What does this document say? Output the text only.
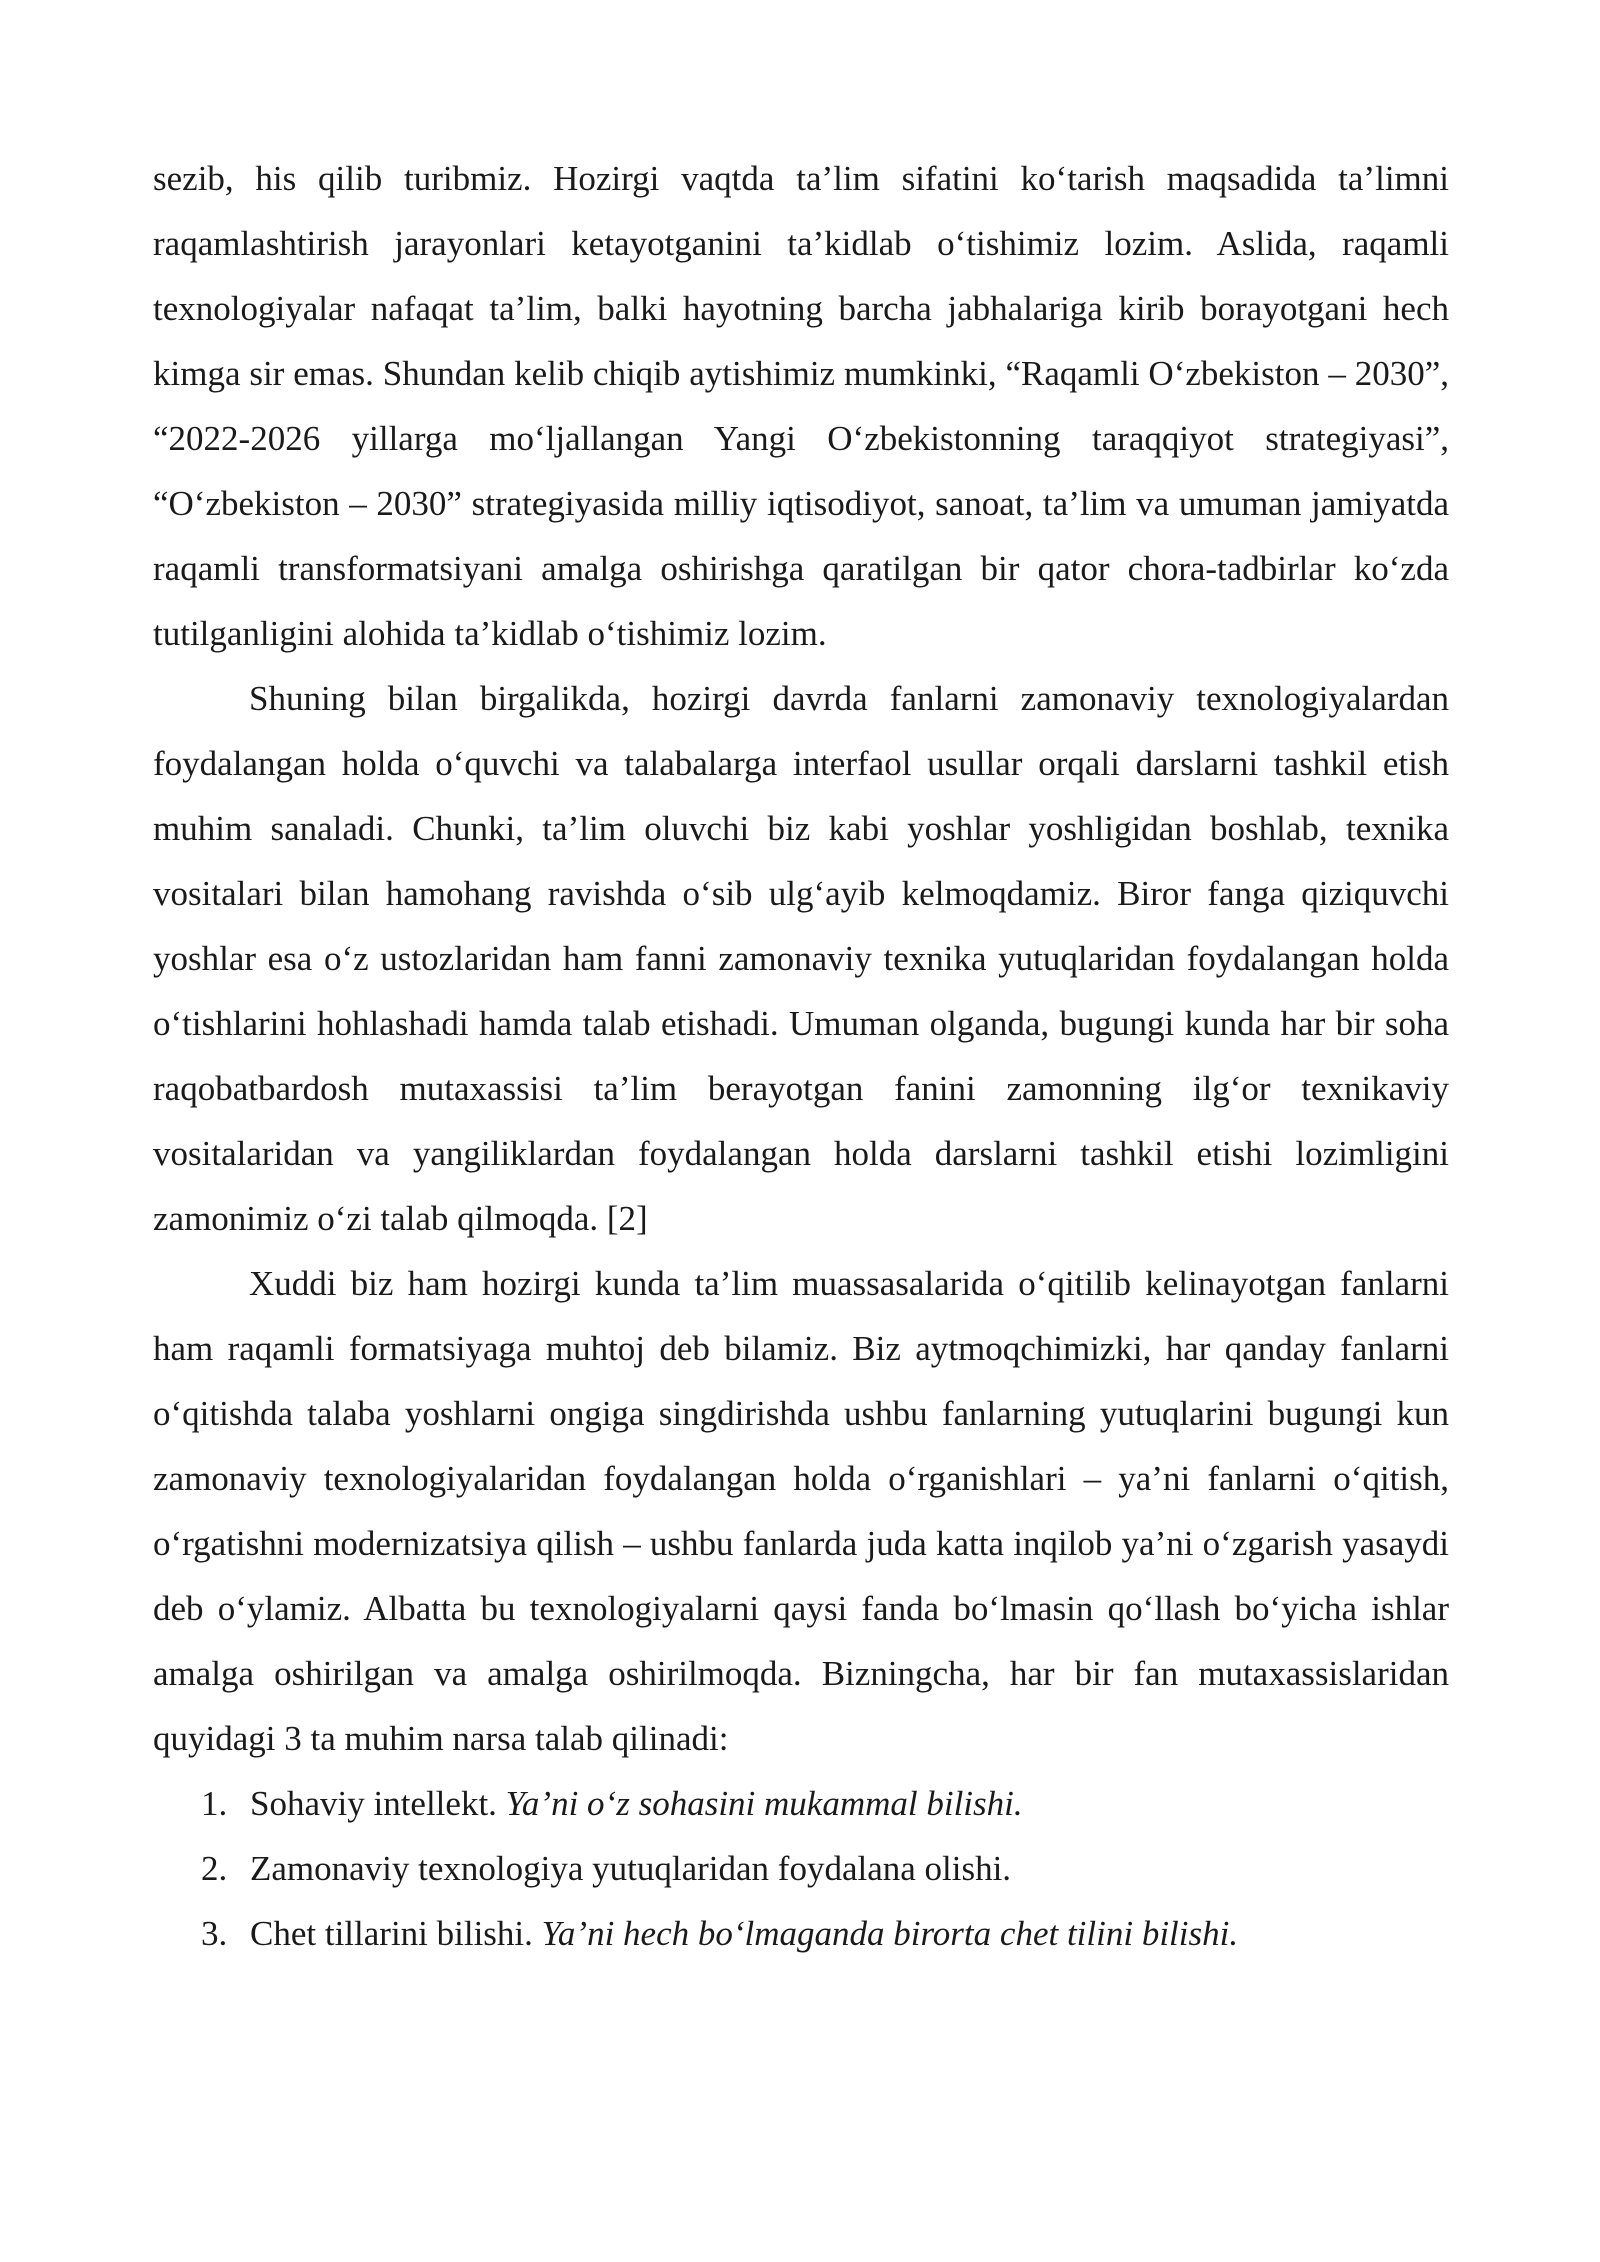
sezib, his qilib turibmiz. Hozirgi vaqtda ta’lim sifatini ko‘tarish maqsadida ta’limni raqamlashtirish jarayonlari ketayotganini ta’kidlab o‘tishimiz lozim. Aslida, raqamli texnologiyalar nafaqat ta’lim, balki hayotning barcha jabhalariga kirib borayotgani hech kimga sir emas. Shundan kelib chiqib aytishimiz mumkinki, “Raqamli O‘zbekiston – 2030”, “2022-2026 yillarga mo‘ljallangan Yangi O‘zbekistonning taraqqiyot strategiyasi”, “O‘zbekiston – 2030” strategiyasida milliy iqtisodiyot, sanoat, ta’lim va umuman jamiyatda raqamli transformatsiyani amalga oshirishga qaratilgan bir qator chora-tadbirlar ko‘zda tutilganligini alohida ta’kidlab o‘tishimiz lozim.

Shuning bilan birgalikda, hozirgi davrda fanlarni zamonaviy texnologiyalardan foydalangan holda o‘quvchi va talabalarga interfaol usullar orqali darslarni tashkil etish muhim sanaladi. Chunki, ta’lim oluvchi biz kabi yoshlar yoshligidan boshlab, texnika vositalari bilan hamohang ravishda o‘sib ulg‘ayib kelmoqdamiz. Biror fanga qiziquvchi yoshlar esa o‘z ustozlaridan ham fanni zamonaviy texnika yutuqlaridan foydalangan holda o‘tishlarini hohlashadi hamda talab etishadi. Umuman olganda, bugungi kunda har bir soha raqobatbardosh mutaxassisi ta’lim berayotgan fanini zamonning ilg‘or texnikaviy vositalaridan va yangiliklardan foydalangan holda darslarni tashkil etishi lozimligini zamonimiz o‘zi talab qilmoqda. [2]

Xuddi biz ham hozirgi kunda ta’lim muassasalarida o‘qitilib kelinayotgan fanlarni ham raqamli formatsiyaga muhtoj deb bilamiz. Biz aytmoqchimizki, har qanday fanlarni o‘qitishda talaba yoshlarni ongiga singdirishda ushbu fanlarning yutuqlarini bugungi kun zamonaviy texnologiyalaridan foydalangan holda o‘rganishlari – ya’ni fanlarni o‘qitish, o‘rgatishni modernizatsiya qilish – ushbu fanlarda juda katta inqilob ya’ni o‘zgarish yasaydi deb o‘ylamiz. Albatta bu texnologiyalarni qaysi fanda bo‘lmasin qo‘llash bo‘yicha ishlar amalga oshirilgan va amalga oshirilmoqda. Bizningcha, har bir fan mutaxassislaridan quyidagi 3 ta muhim narsa talab qilinadi:

1. Sohaviy intellekt. Ya’ni o‘z sohasini mukammal bilishi.
2. Zamonaviy texnologiya yutuqlaridan foydalana olishi.
3. Chet tillarini bilishi. Ya’ni hech bo‘lmaganda birorta chet tilini bilishi.
